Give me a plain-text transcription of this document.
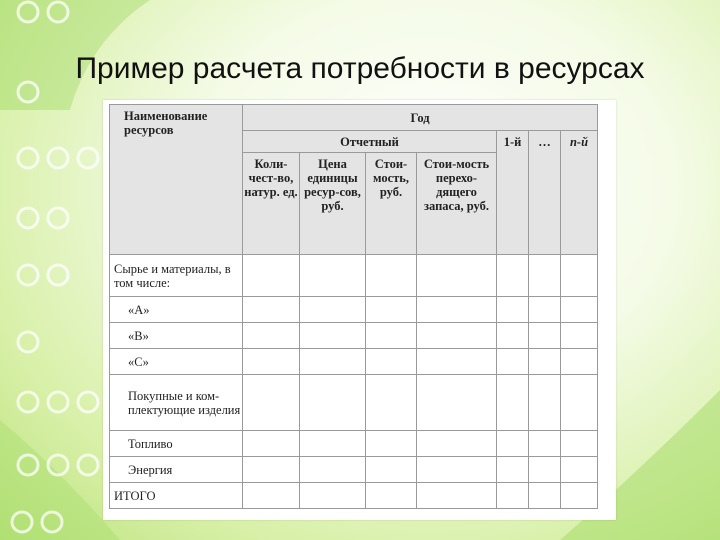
Пример расчета потребности в ресурсах
Наименование ресурсов	Год						
	Отчетный				1-й	…	n-й
	Коли-чест-во, натур. ед.	Цена единицы ресур-сов, руб.	Стои-мость, руб.	Стои-мость перехо-дящего запаса, руб.			
Сырье и материалы, в том числе:							
«А»							
«В»							
«С»							
Покупные и ком-плектующие изделия							
Топливо							
Энергия							
ИТОГО							
